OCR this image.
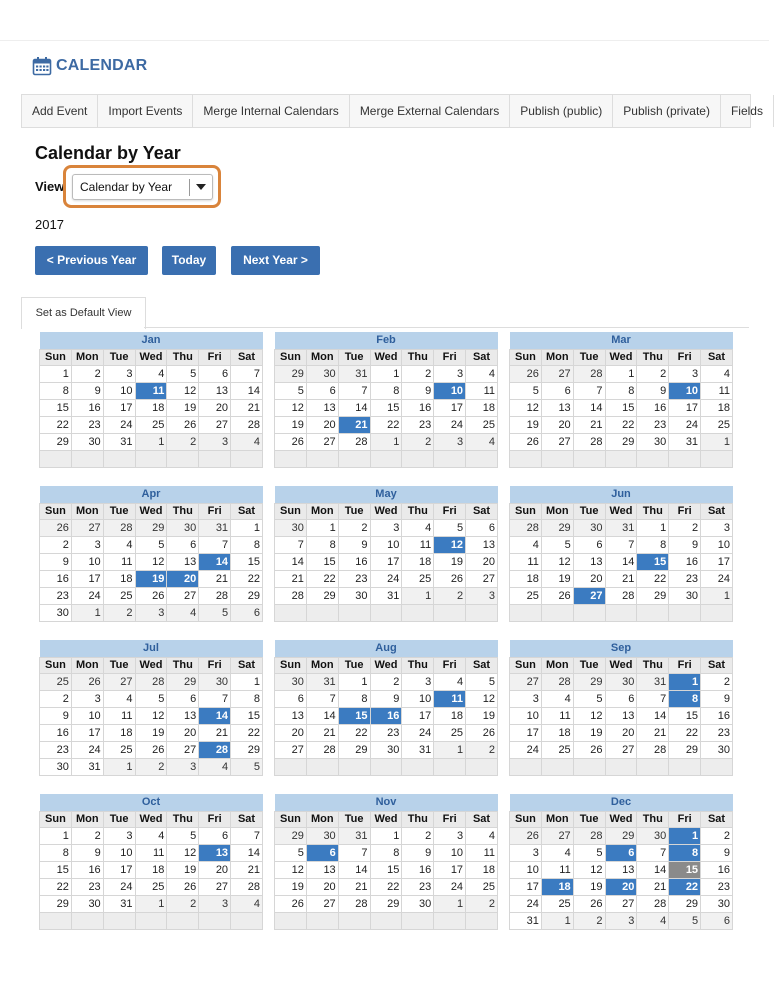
CALENDAR
Add Event	Import Events	Merge Internal Calendars	Merge External Calendars	Publish (public)	Publish (private)	Fields
Calendar by Year
View Calendar by Year
2017
< Previous Year	Today	Next Year >
Set as Default View
Jan						
Sun	Mon	Tue	Wed	Thu	Fri	Sat
1	2	3	4	5	6	7
8	9	10	11	12	13	14
15	16	17	18	19	20	21
22	23	24	25	26	27	28
29	30	31	1	2	3	4

Feb						
Sun	Mon	Tue	Wed	Thu	Fri	Sat
29	30	31	1	2	3	4
5	6	7	8	9	10	11
12	13	14	15	16	17	18
19	20	21	22	23	24	25
26	27	28	1	2	3	4

Mar						
Sun	Mon	Tue	Wed	Thu	Fri	Sat
26	27	28	1	2	3	4
5	6	7	8	9	10	11
12	13	14	15	16	17	18
19	20	21	22	23	24	25
26	27	28	29	30	31	1

Apr						
Sun	Mon	Tue	Wed	Thu	Fri	Sat
26	27	28	29	30	31	1
2	3	4	5	6	7	8
9	10	11	12	13	14	15
16	17	18	19	20	21	22
23	24	25	26	27	28	29
30	1	2	3	4	5	6
May						
Sun	Mon	Tue	Wed	Thu	Fri	Sat
30	1	2	3	4	5	6
7	8	9	10	11	12	13
14	15	16	17	18	19	20
21	22	23	24	25	26	27
28	29	30	31	1	2	3

Jun						
Sun	Mon	Tue	Wed	Thu	Fri	Sat
28	29	30	31	1	2	3
4	5	6	7	8	9	10
11	12	13	14	15	16	17
18	19	20	21	22	23	24
25	26	27	28	29	30	1

Jul						
Sun	Mon	Tue	Wed	Thu	Fri	Sat
25	26	27	28	29	30	1
2	3	4	5	6	7	8
9	10	11	12	13	14	15
16	17	18	19	20	21	22
23	24	25	26	27	28	29
30	31	1	2	3	4	5
Aug						
Sun	Mon	Tue	Wed	Thu	Fri	Sat
30	31	1	2	3	4	5
6	7	8	9	10	11	12
13	14	15	16	17	18	19
20	21	22	23	24	25	26
27	28	29	30	31	1	2

Sep						
Sun	Mon	Tue	Wed	Thu	Fri	Sat
27	28	29	30	31	1	2
3	4	5	6	7	8	9
10	11	12	13	14	15	16
17	18	19	20	21	22	23
24	25	26	27	28	29	30

Oct						
Sun	Mon	Tue	Wed	Thu	Fri	Sat
1	2	3	4	5	6	7
8	9	10	11	12	13	14
15	16	17	18	19	20	21
22	23	24	25	26	27	28
29	30	31	1	2	3	4

Nov						
Sun	Mon	Tue	Wed	Thu	Fri	Sat
29	30	31	1	2	3	4
5	6	7	8	9	10	11
12	13	14	15	16	17	18
19	20	21	22	23	24	25
26	27	28	29	30	1	2

Dec						
Sun	Mon	Tue	Wed	Thu	Fri	Sat
26	27	28	29	30	1	2
3	4	5	6	7	8	9
10	11	12	13	14	15	16
17	18	19	20	21	22	23
24	25	26	27	28	29	30
31	1	2	3	4	5	6
